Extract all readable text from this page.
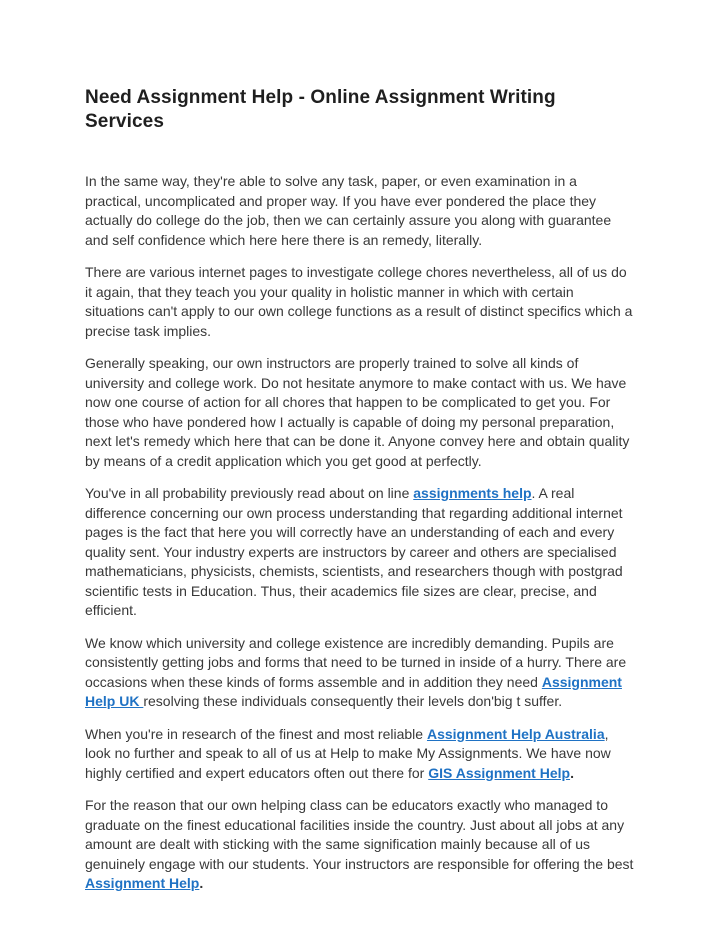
Need Assignment Help - Online Assignment Writing Services

In the same way, they're able to solve any task, paper, or even examination in a practical, uncomplicated and proper way. If you have ever pondered the place they actually do college do the job, then we can certainly assure you along with guarantee and self confidence which here here there is an remedy, literally.

There are various internet pages to investigate college chores nevertheless, all of us do it again, that they teach you your quality in holistic manner in which with certain situations can't apply to our own college functions as a result of distinct specifics which a precise task implies.

Generally speaking, our own instructors are properly trained to solve all kinds of university and college work. Do not hesitate anymore to make contact with us. We have now one course of action for all chores that happen to be complicated to get you. For those who have pondered how I actually is capable of doing my personal preparation, next let's remedy which here that can be done it. Anyone convey here and obtain quality by means of a credit application which you get good at perfectly.

You've in all probability previously read about on line assignments help. A real difference concerning our own process understanding that regarding additional internet pages is the fact that here you will correctly have an understanding of each and every quality sent. Your industry experts are instructors by career and others are specialised mathematicians, physicists, chemists, scientists, and researchers though with postgrad scientific tests in Education. Thus, their academics file sizes are clear, precise, and efficient.

We know which university and college existence are incredibly demanding. Pupils are consistently getting jobs and forms that need to be turned in inside of a hurry. There are occasions when these kinds of forms assemble and in addition they need Assignment Help UK resolving these individuals consequently their levels don'big t suffer.

When you're in research of the finest and most reliable Assignment Help Australia, look no further and speak to all of us at Help to make My Assignments. We have now highly certified and expert educators often out there for GIS Assignment Help.

For the reason that our own helping class can be educators exactly who managed to graduate on the finest educational facilities inside the country. Just about all jobs at any amount are dealt with sticking with the same signification mainly because all of us genuinely engage with our students. Your instructors are responsible for offering the best Assignment Help.
